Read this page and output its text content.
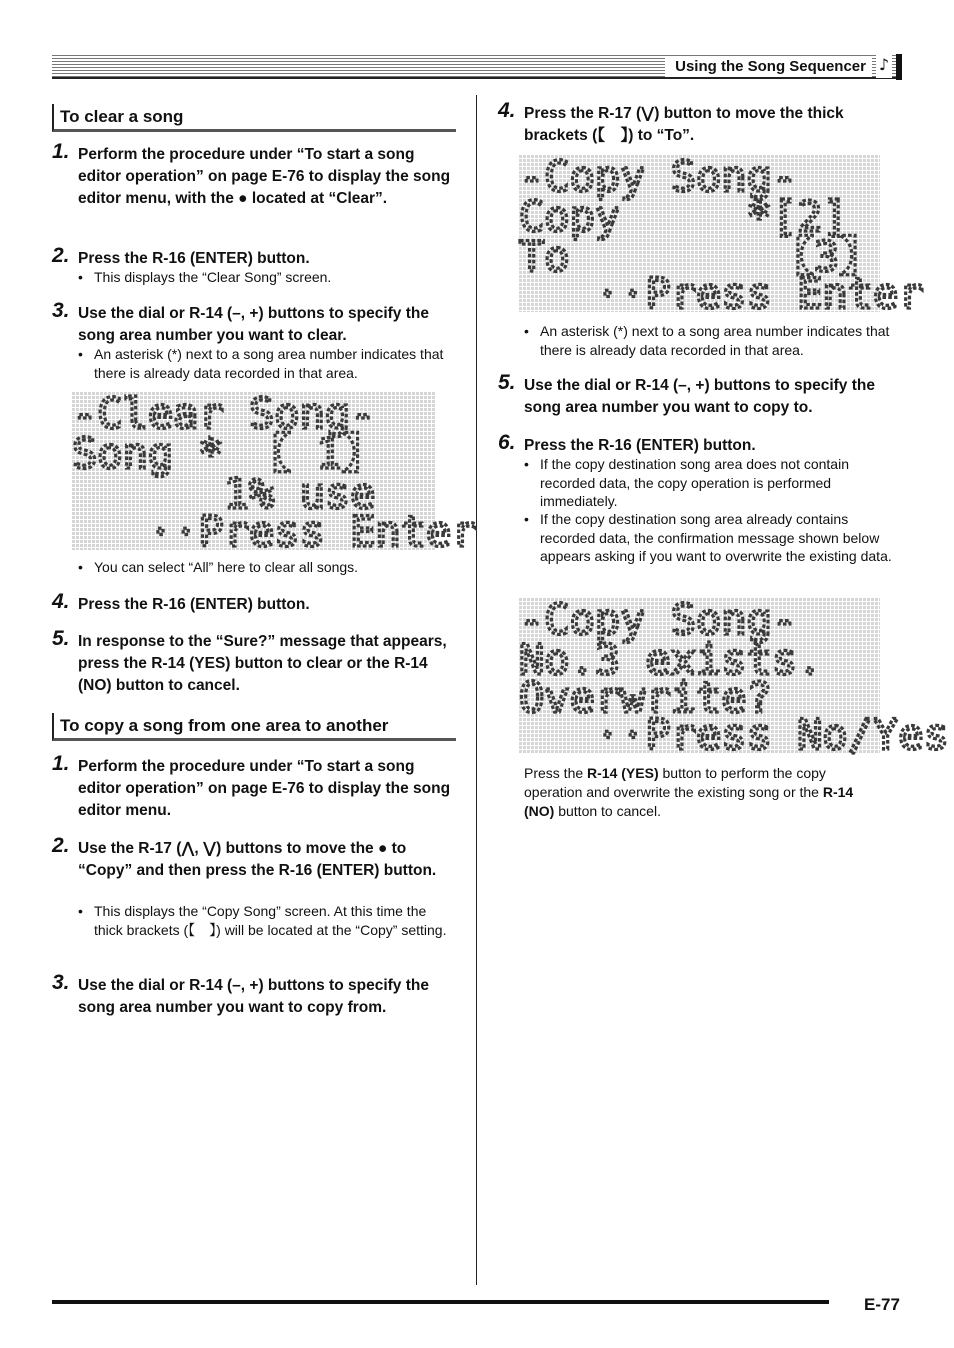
Using the Song Sequencer ♪
To clear a song
1. Perform the procedure under “To start a song editor operation” on page E-76 to display the song editor menu, with the ● located at “Clear”.
2. Press the R-16 (ENTER) button.
• This displays the “Clear Song” screen.
3. Use the dial or R-14 (–, +) buttons to specify the song area number you want to clear.
• An asterisk (*) next to a song area number indicates that there is already data recorded in that area.
-Clear Song-
Song * 【 1】
1% use
··Press Enter
• You can select “All” here to clear all songs.
4. Press the R-16 (ENTER) button.
5. In response to the “Sure?” message that appears, press the R-14 (YES) button to clear or the R-14 (NO) button to cancel.
To copy a song from one area to another
1. Perform the procedure under “To start a song editor operation” on page E-76 to display the song editor menu.
2. Use the R-17 (⋀, ⋁) buttons to move the ● to “Copy” and then press the R-16 (ENTER) button.
• This displays the “Copy Song” screen. At this time the thick brackets (【　】) will be located at the “Copy” setting.
3. Use the dial or R-14 (–, +) buttons to specify the song area number you want to copy from.
4. Press the R-17 (⋁) button to move the thick brackets (【　】) to “To”.
-Copy Song-
Copy     *[2]
To        【3】
··Press Enter
• An asterisk (*) next to a song area number indicates that there is already data recorded in that area.
5. Use the dial or R-14 (–, +) buttons to specify the song area number you want to copy to.
6. Press the R-16 (ENTER) button.
• If the copy destination song area does not contain recorded data, the copy operation is performed immediately.
• If the copy destination song area already contains recorded data, the confirmation message shown below appears asking if you want to overwrite the existing data.
-Copy Song-
No.3 exists.
Overwrite?
··Press No/Yes
Press the R-14 (YES) button to perform the copy operation and overwrite the existing song or the R-14 (NO) button to cancel.
E-77
